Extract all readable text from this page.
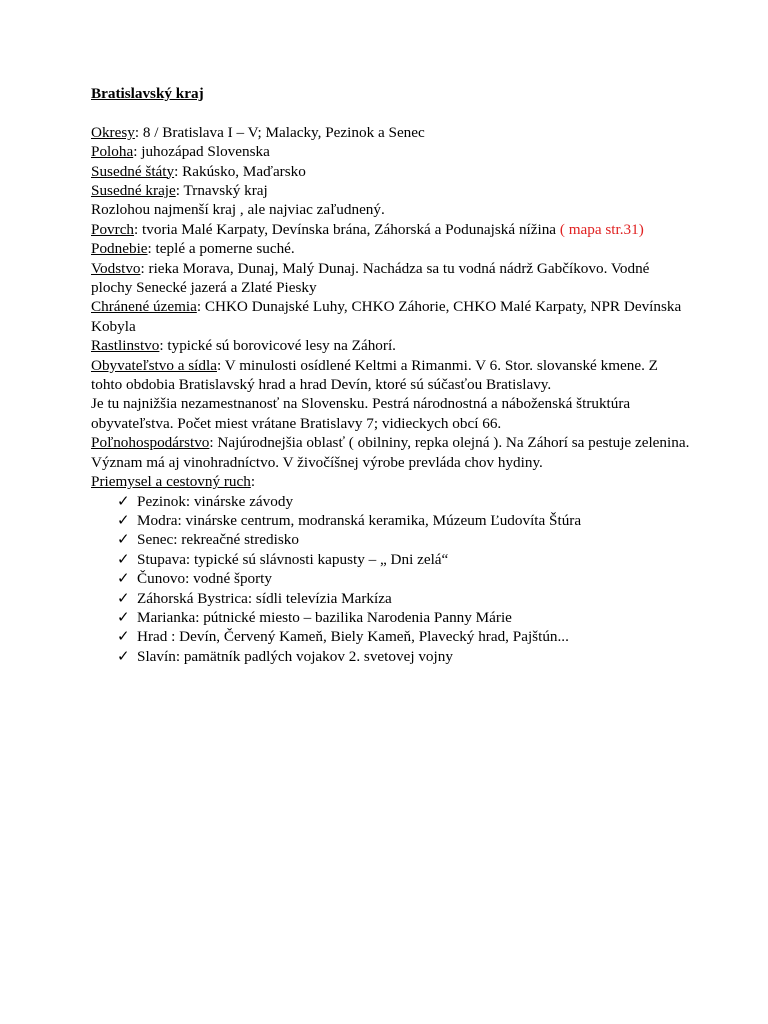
Bratislavský kraj
Okresy: 8 / Bratislava I – V; Malacky, Pezinok a Senec
Poloha: juhozápad Slovenska
Susedné štáty: Rakúsko, Maďarsko
Susedné kraje: Trnavský kraj
Rozlohou najmenší kraj , ale najviac zaľudnený.
Povrch: tvoria Malé Karpaty, Devínska brána, Záhorská a Podunajská nížina ( mapa str.31)
Podnebie: teplé a pomerne suché.
Vodstvo: rieka Morava, Dunaj, Malý Dunaj. Nachádza sa tu vodná nádrž Gabčíkovo. Vodné plochy Senecké jazerá a Zlaté Piesky
Chránené územia: CHKO Dunajské Luhy, CHKO Záhorie, CHKO Malé Karpaty, NPR Devínska Kobyla
Rastlinstvo: typické sú borovicové lesy na Záhorí.
Obyvateľstvo a sídla: V minulosti osídlené Keltmi a Rimanmi. V 6. Stor. slovanské kmene. Z tohto obdobia Bratislavský hrad a hrad Devín, ktoré sú súčasťou Bratislavy.
Je tu najnižšia nezamestnanosť na Slovensku. Pestrá národnostná a náboženská štruktúra obyvateľstva. Počet miest vrátane Bratislavy 7; vidieckych obcí 66.
Poľnohospodárstvo: Najúrodnejšia oblasť ( obilniny, repka olejná ). Na Záhorí sa pestuje zelenina. Význam má aj vinohradníctvo. V živočíšnej výrobe prevláda chov hydiny.
Priemysel a cestovný ruch:
✓ Pezinok: vinárske závody
✓ Modra: vinárske centrum, modranská keramika, Múzeum Ľudovíta Štúra
✓ Senec: rekreačné stredisko
✓ Stupava: typické sú slávnosti kapusty – „ Dni zelá“
✓ Čunovo: vodné športy
✓ Záhorská Bystrica: sídli televízia Markíza
✓ Marianka: pútnické miesto – bazilika Narodenia Panny Márie
✓ Hrad : Devín, Červený Kameň, Biely Kameň, Plavecký hrad, Pajštún...
✓ Slavín: pamätník padlých vojakov 2. svetovej vojny
